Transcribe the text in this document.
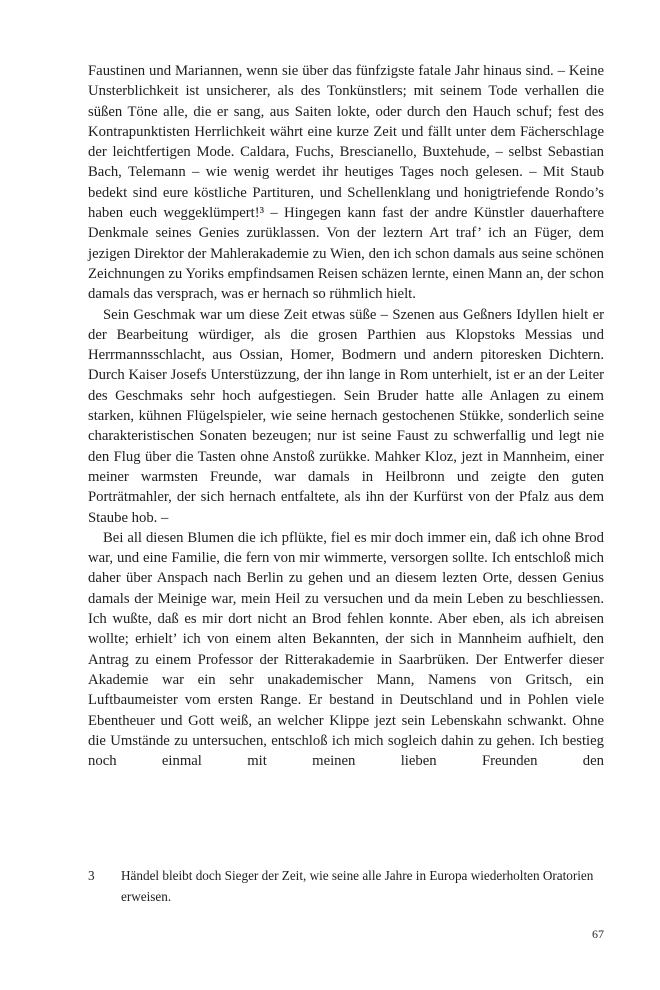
Faustinen und Mariannen, wenn sie über das fünfzigste fatale Jahr hinaus sind. – Keine Unsterblichkeit ist unsicherer, als des Tonkünstlers; mit seinem Tode verhallen die süßen Töne alle, die er sang, aus Saiten lokte, oder durch den Hauch schuf; fest des Kontrapunktisten Herrlichkeit währt eine kurze Zeit und fällt unter dem Fächerschlage der leichtfertigen Mode. Caldara, Fuchs, Brescianello, Buxtehude, – selbst Sebastian Bach, Telemann – wie wenig werdet ihr heutiges Tages noch gelesen. – Mit Staub bedekt sind eure köstliche Partituren, und Schellenklang und honigtriefende Rondo’s haben euch weggeklümpert!³ – Hingegen kann fast der andre Künstler dauerhaftere Denkmale seines Genies zurüklassen. Von der leztern Art traf’ ich an Füger, dem jezigen Direktor der Mahlerakademie zu Wien, den ich schon damals aus seine schönen Zeichnungen zu Yoriks empfindsamen Reisen schäzen lernte, einen Mann an, der schon damals das versprach, was er hernach so rühmlich hielt.

Sein Geschmak war um diese Zeit etwas süße – Szenen aus Geßners Idyllen hielt er der Bearbeitung würdiger, als die grosen Parthien aus Klopstoks Messias und Herrmannsschlacht, aus Ossian, Homer, Bodmern und andern pitoresken Dichtern. Durch Kaiser Josefs Unterstüzzung, der ihn lange in Rom unterhielt, ist er an der Leiter des Geschmaks sehr hoch aufgestiegen. Sein Bruder hatte alle Anlagen zu einem starken, kühnen Flügelspieler, wie seine hernach gestochenen Stükke, sonderlich seine charakteristischen Sonaten bezeugen; nur ist seine Faust zu schwerfallig und legt nie den Flug über die Tasten ohne Anstoß zurükke. Mahker Kloz, jezt in Mannheim, einer meiner warmsten Freunde, war damals in Heilbronn und zeigte den guten Porträtmahler, der sich hernach entfaltete, als ihn der Kurfürst von der Pfalz aus dem Staube hob. –

Bei all diesen Blumen die ich pflükte, fiel es mir doch immer ein, daß ich ohne Brod war, und eine Familie, die fern von mir wimmerte, versorgen sollte. Ich entschloß mich daher über Anspach nach Berlin zu gehen und an diesem lezten Orte, dessen Genius damals der Meinige war, mein Heil zu versuchen und da mein Leben zu beschliessen. Ich wußte, daß es mir dort nicht an Brod fehlen konnte. Aber eben, als ich abreisen wollte; erhielt’ ich von einem alten Bekannten, der sich in Mannheim aufhielt, den Antrag zu einem Professor der Ritterakademie in Saarbrüken. Der Entwerfer dieser Akademie war ein sehr unakademischer Mann, Namens von Gritsch, ein Luftbaumeister vom ersten Range. Er bestand in Deutschland und in Pohlen viele Ebentheuer und Gott weiß, an welcher Klippe jezt sein Lebenskahn schwankt. Ohne die Umstände zu untersuchen, entschloß ich mich sogleich dahin zu gehen. Ich bestieg noch einmal mit meinen lieben Freunden den

3	Händel bleibt doch Sieger der Zeit, wie seine alle Jahre in Europa wiederholten Oratorien erweisen.
67
